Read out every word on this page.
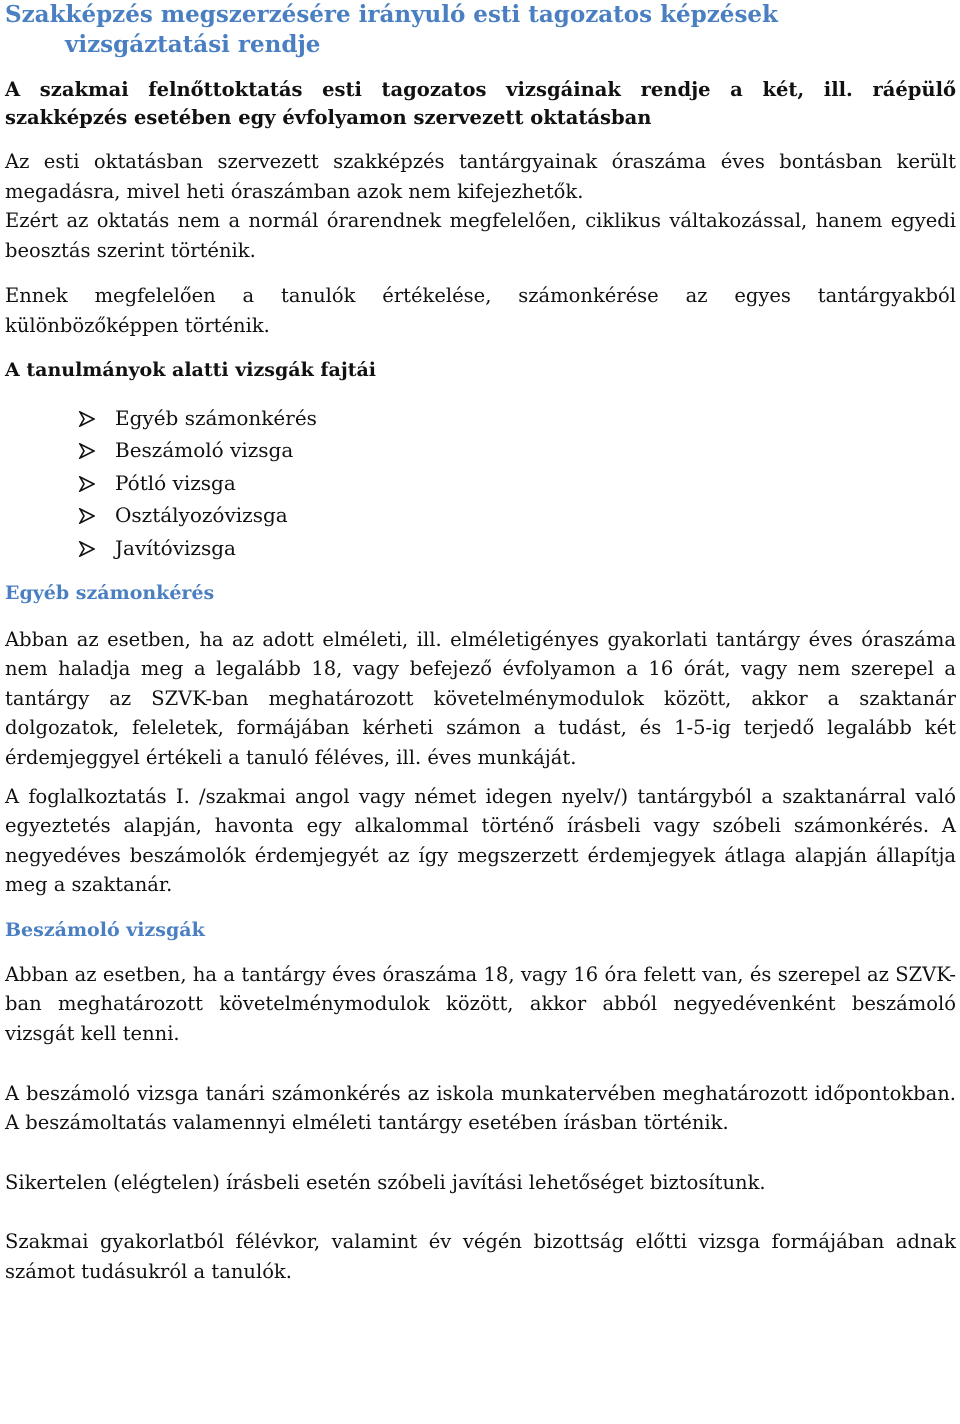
Szakképzés megszerzésére irányuló esti tagozatos képzések
vizsgáztatási rendje

A szakmai felnőttoktatás esti tagozatos vizsgáinak rendje a két, ill. ráépülő szakképzés esetében egy évfolyamon szervezett oktatásban

Az esti oktatásban szervezett szakképzés tantárgyainak óraszáma éves bontásban került megadásra, mivel heti óraszámban azok nem kifejezhetők.

Ezért az oktatás nem a normál órarendnek megfelelően, ciklikus váltakozással, hanem egyedi beosztás szerint történik.

Ennek megfelelően a tanulók értékelése, számonkérése az egyes tantárgyakból különbözőképpen történik.

A tanulmányok alatti vizsgák fajtái
Egyéb számonkérés
Beszámoló vizsga
Pótló vizsga
Osztályozóvizsga
Javítóvizsga
Egyéb számonkérés

Abban az esetben, ha az adott elméleti, ill. elméletigényes gyakorlati tantárgy éves óraszáma nem haladja meg a legalább 18, vagy befejező évfolyamon a 16 órát, vagy nem szerepel a tantárgy az SZVK-ban meghatározott követelménymodulok között, akkor a szaktanár dolgozatok, feleletek, formájában kérheti számon a tudást, és 1-5-ig terjedő legalább két érdemjeggyel értékeli a tanuló féléves, ill. éves munkáját.

A foglalkoztatás I. /szakmai angol vagy német idegen nyelv/) tantárgyból a szaktanárral való egyeztetés alapján, havonta egy alkalommal történő írásbeli vagy szóbeli számonkérés. A negyedéves beszámolók érdemjegyét az így megszerzett érdemjegyek átlaga alapján állapítja meg a szaktanár.

Beszámoló vizsgák

Abban az esetben, ha a tantárgy éves óraszáma 18, vagy 16 óra felett van, és szerepel az SZVK-ban meghatározott követelménymodulok között, akkor abból negyedévenként beszámoló vizsgát kell tenni.

A beszámoló vizsga tanári számonkérés az iskola munkatervében meghatározott időpontokban. A beszámoltatás valamennyi elméleti tantárgy esetében írásban történik.

Sikertelen (elégtelen) írásbeli esetén szóbeli javítási lehetőséget biztosítunk.

Szakmai gyakorlatból félévkor, valamint év végén bizottság előtti vizsga formájában adnak számot tudásukról a tanulók.
